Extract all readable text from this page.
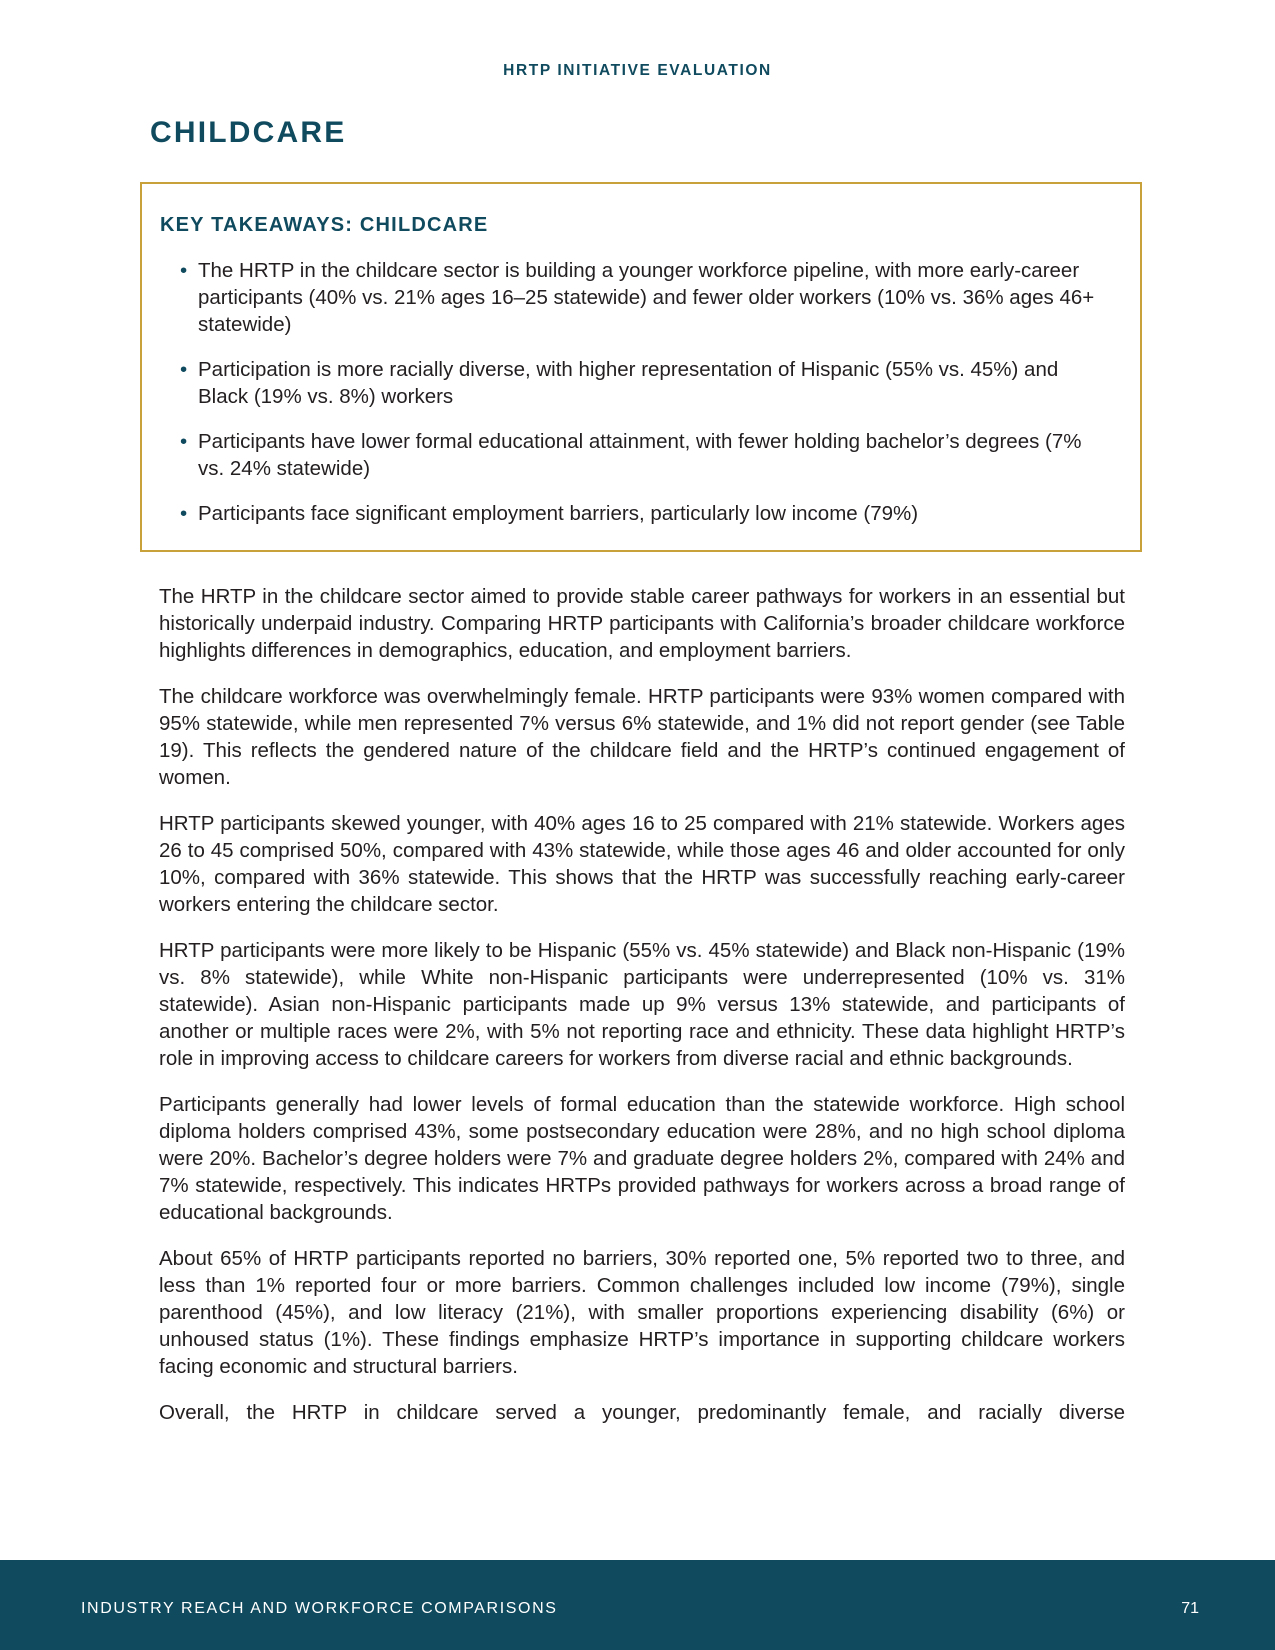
HRTP INITIATIVE EVALUATION
CHILDCARE
KEY TAKEAWAYS: CHILDCARE
• The HRTP in the childcare sector is building a younger workforce pipeline, with more early-career participants (40% vs. 21% ages 16–25 statewide) and fewer older workers (10% vs. 36% ages 46+ statewide)
• Participation is more racially diverse, with higher representation of Hispanic (55% vs. 45%) and Black (19% vs. 8%) workers
• Participants have lower formal educational attainment, with fewer holding bachelor’s degrees (7% vs. 24% statewide)
• Participants face significant employment barriers, particularly low income (79%)

The HRTP in the childcare sector aimed to provide stable career pathways for workers in an essential but historically underpaid industry. Comparing HRTP participants with California’s broader childcare workforce highlights differences in demographics, education, and employment barriers.

The childcare workforce was overwhelmingly female. HRTP participants were 93% women compared with 95% statewide, while men represented 7% versus 6% statewide, and 1% did not report gender (see Table 19). This reflects the gendered nature of the childcare field and the HRTP’s continued engagement of women.

HRTP participants skewed younger, with 40% ages 16 to 25 compared with 21% statewide. Workers ages 26 to 45 comprised 50%, compared with 43% statewide, while those ages 46 and older accounted for only 10%, compared with 36% statewide. This shows that the HRTP was successfully reaching early-career workers entering the childcare sector.

HRTP participants were more likely to be Hispanic (55% vs. 45% statewide) and Black non-Hispanic (19% vs. 8% statewide), while White non-Hispanic participants were underrepresented (10% vs. 31% statewide). Asian non-Hispanic participants made up 9% versus 13% statewide, and participants of another or multiple races were 2%, with 5% not reporting race and ethnicity. These data highlight HRTP’s role in improving access to childcare careers for workers from diverse racial and ethnic backgrounds.

Participants generally had lower levels of formal education than the statewide workforce. High school diploma holders comprised 43%, some postsecondary education were 28%, and no high school diploma were 20%. Bachelor’s degree holders were 7% and graduate degree holders 2%, compared with 24% and 7% statewide, respectively. This indicates HRTPs provided pathways for workers across a broad range of educational backgrounds.

About 65% of HRTP participants reported no barriers, 30% reported one, 5% reported two to three, and less than 1% reported four or more barriers. Common challenges included low income (79%), single parenthood (45%), and low literacy (21%), with smaller proportions experiencing disability (6%) or unhoused status (1%). These findings emphasize HRTP’s importance in supporting childcare workers facing economic and structural barriers.

Overall, the HRTP in childcare served a younger, predominantly female, and racially diverse

INDUSTRY REACH AND WORKFORCE COMPARISONS	71
